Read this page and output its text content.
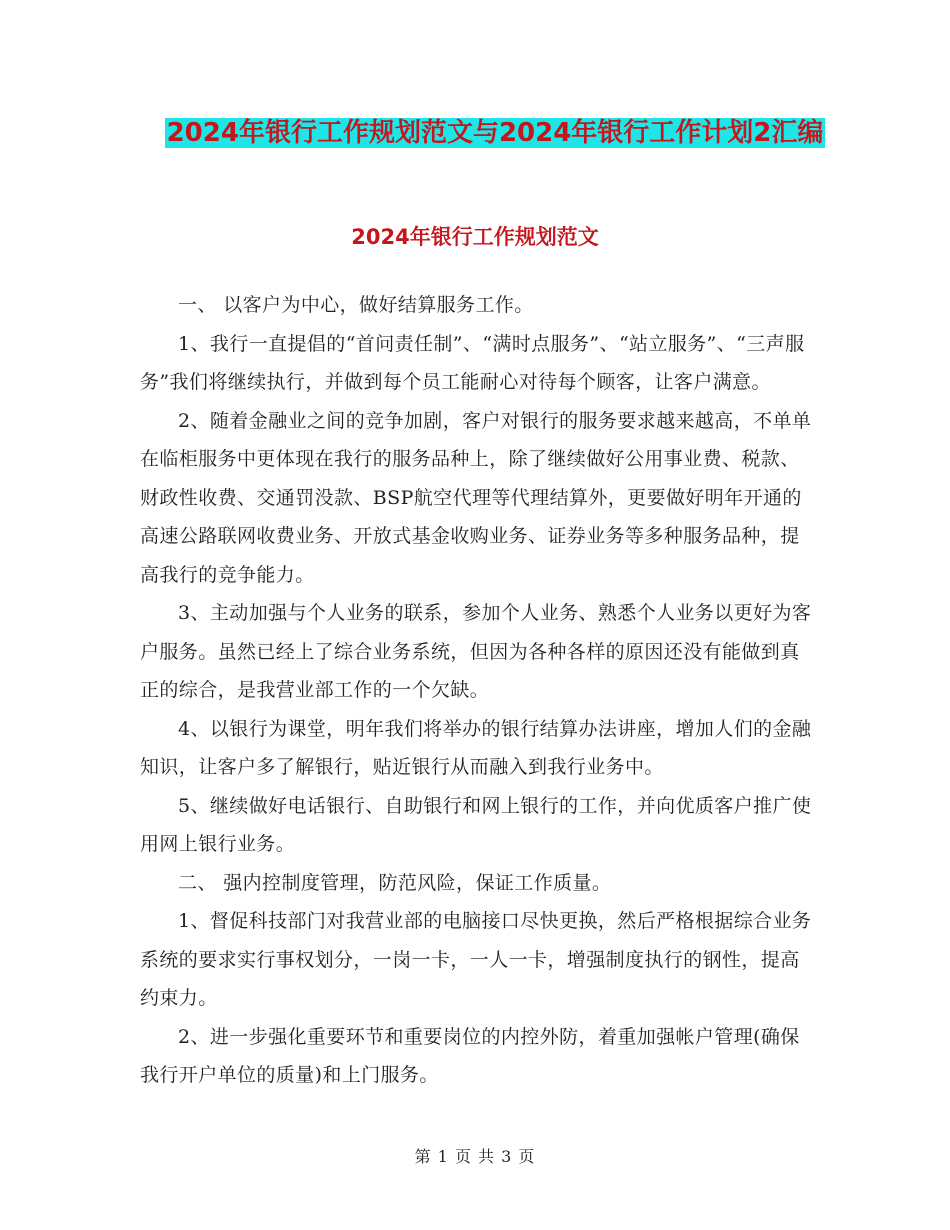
2024年银行工作规划范文与2024年银行工作计划2汇编
2024年银行工作规划范文

一、 以客户为中心，做好结算服务工作。

1、我行一直提倡的“首问责任制”、“满时点服务”、“站立服务”、“三声服务”我们将继续执行，并做到每个员工能耐心对待每个顾客，让客户满意。

2、随着金融业之间的竞争加剧，客户对银行的服务要求越来越高，不单单在临柜服务中更体现在我行的服务品种上，除了继续做好公用事业费、税款、财政性收费、交通罚没款、BSP航空代理等代理结算外，更要做好明年开通的高速公路联网收费业务、开放式基金收购业务、证券业务等多种服务品种，提高我行的竞争能力。

3、主动加强与个人业务的联系，参加个人业务、熟悉个人业务以更好为客户服务。虽然已经上了综合业务系统，但因为各种各样的原因还没有能做到真正的综合，是我营业部工作的一个欠缺。

4、以银行为课堂，明年我们将举办的银行结算办法讲座，增加人们的金融知识，让客户多了解银行，贴近银行从而融入到我行业务中。

5、继续做好电话银行、自助银行和网上银行的工作，并向优质客户推广使用网上银行业务。

二、 强内控制度管理，防范风险，保证工作质量。

1、督促科技部门对我营业部的电脑接口尽快更换，然后严格根据综合业务系统的要求实行事权划分，一岗一卡，一人一卡，增强制度执行的钢性，提高约束力。

2、进一步强化重要环节和重要岗位的内控外防，着重加强帐户管理(确保我行开户单位的质量)和上门服务。

第 1 页 共 3 页
